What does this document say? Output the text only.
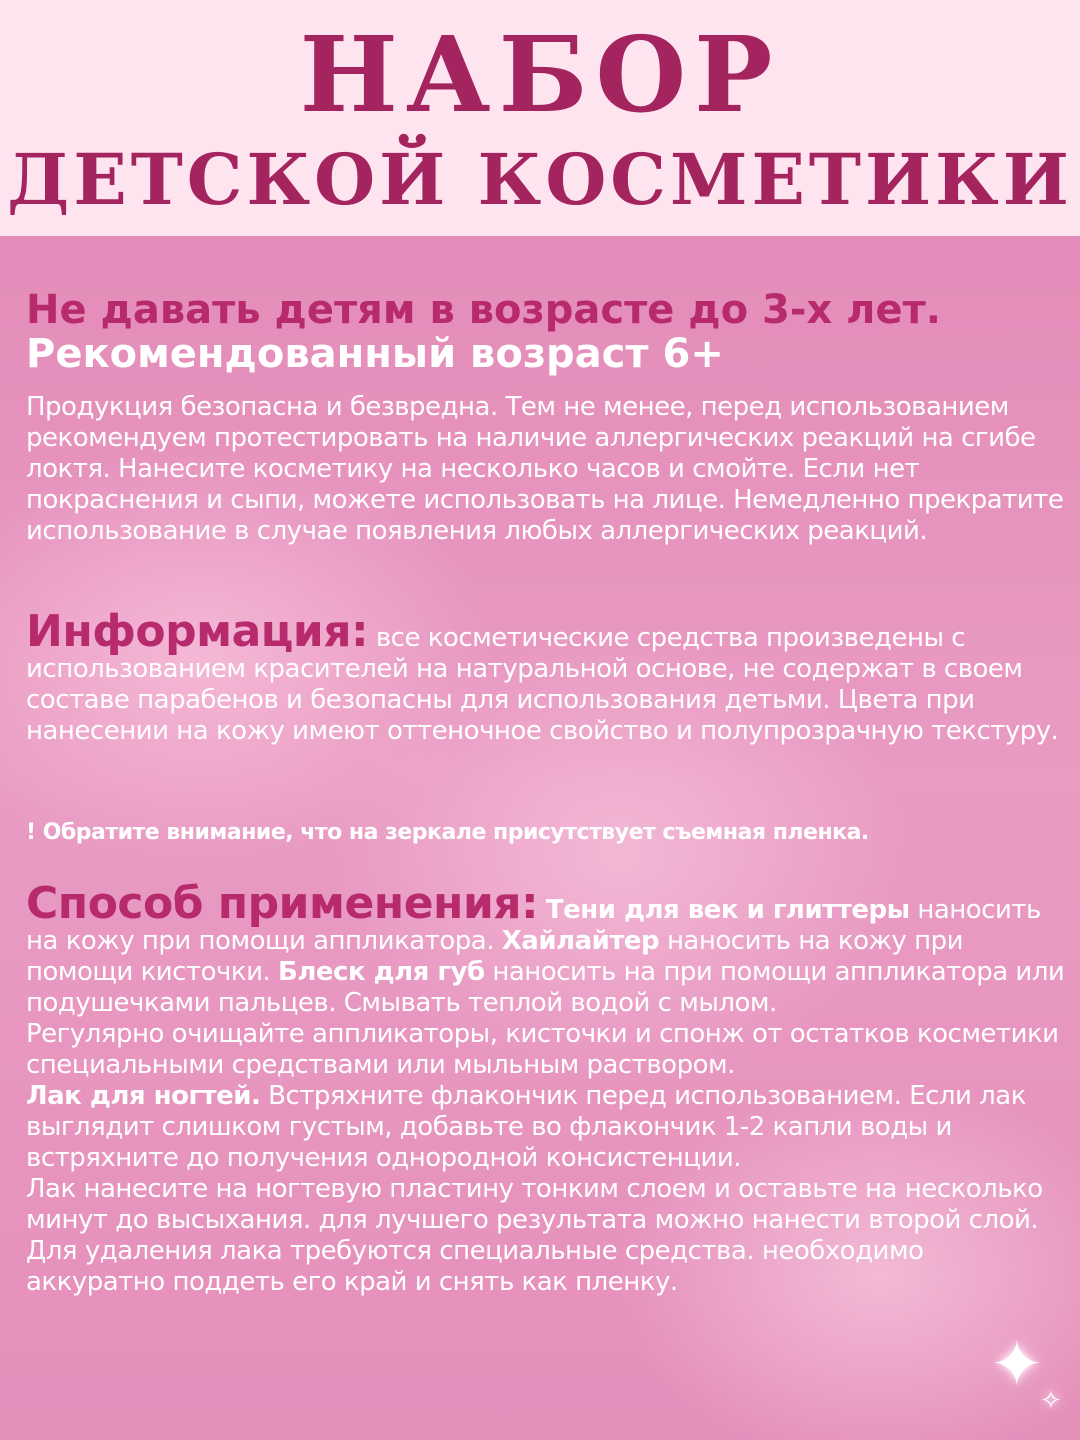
НАБОР
ДЕТСКОЙ КОСМЕТИКИ
Не давать детям в возрасте до 3-х лет.
Рекомендованный возраст 6+
Продукция безопасна и безвредна. Тем не менее, перед использованием рекомендуем протестировать на наличие аллергических реакций на сгибе локтя. Нанесите косметику на несколько часов и смойте. Если нет покраснения и сыпи, можете использовать на лице. Немедленно прекратите использование в случае появления любых аллергических реакций.
Информация: все косметические средства произведены с использованием красителей на натуральной основе, не содержат в своем составе парабенов и безопасны для использования детьми. Цвета при нанесении на кожу имеют оттеночное свойство и полупрозрачную текстуру.
! Обратите внимание, что на зеркале присутствует съемная пленка.
Способ применения: Тени для век и глиттеры наносить на кожу при помощи аппликатора. Хайлайтер наносить на кожу при помощи кисточки. Блеск для губ наносить на при помощи аппликатора или подушечками пальцев. Смывать теплой водой с мылом.
Регулярно очищайте аппликаторы, кисточки и спонж от остатков косметики специальными средствами или мыльным раствором.
Лак для ногтей. Встряхните флакончик перед использованием. Если лак выглядит слишком густым, добавьте во флакончик 1-2 капли воды и встряхните до получения однородной консистенции.
Лак нанесите на ногтевую пластину тонким слоем и оставьте на несколько минут до высыхания. для лучшего результата можно нанести второй слой. Для удаления лака требуются специальные средства. необходимо аккуратно поддеть его край и снять как пленку.
✦
✧
